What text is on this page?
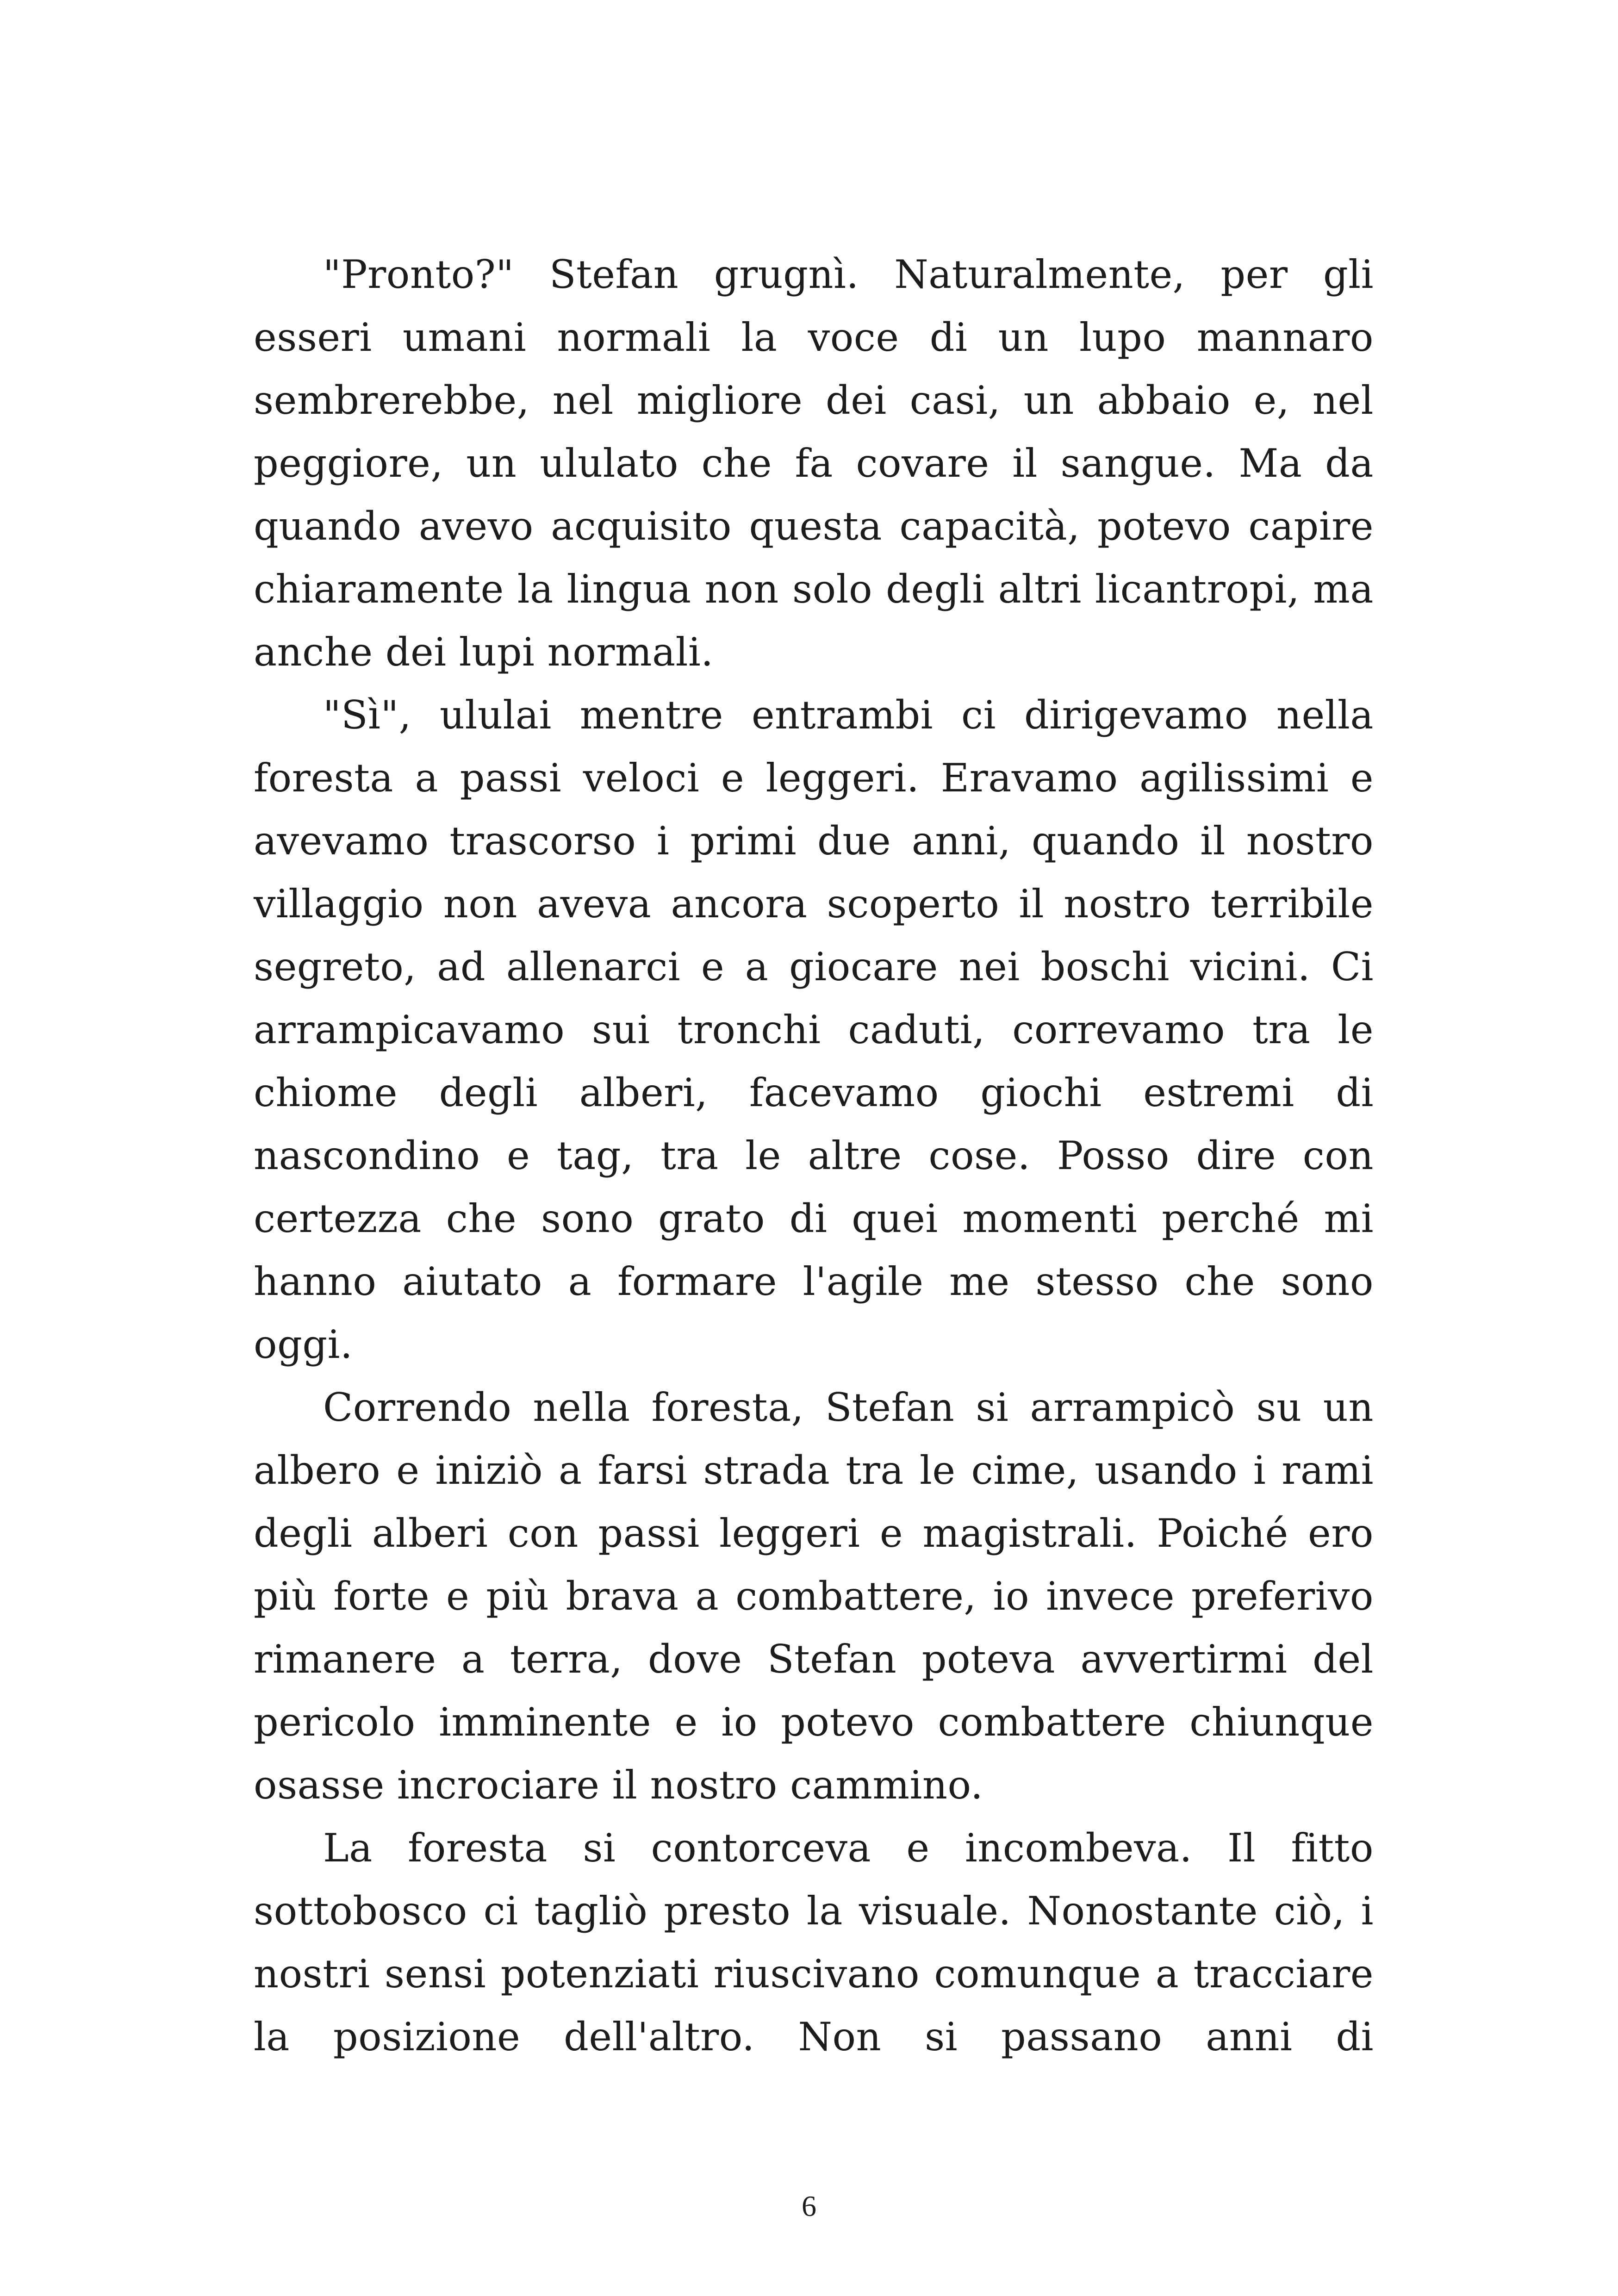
"Pronto?" Stefan grugnì. Naturalmente, per gli esseri umani normali la voce di un lupo mannaro sembrerebbe, nel migliore dei casi, un abbaio e, nel peggiore, un ululato che fa covare il sangue. Ma da quando avevo acquisito questa capacità, potevo capire chiaramente la lingua non solo degli altri licantropi, ma anche dei lupi normali.

"Sì", ululai mentre entrambi ci dirigevamo nella foresta a passi veloci e leggeri. Eravamo agilissimi e avevamo trascorso i primi due anni, quando il nostro villaggio non aveva ancora scoperto il nostro terribile segreto, ad allenarci e a giocare nei boschi vicini. Ci arrampicavamo sui tronchi caduti, correvamo tra le chiome degli alberi, facevamo giochi estremi di nascondino e tag, tra le altre cose. Posso dire con certezza che sono grato di quei momenti perché mi hanno aiutato a formare l'agile me stesso che sono oggi.

Correndo nella foresta, Stefan si arrampicò su un albero e iniziò a farsi strada tra le cime, usando i rami degli alberi con passi leggeri e magistrali. Poiché ero più forte e più brava a combattere, io invece preferivo rimanere a terra, dove Stefan poteva avvertirmi del pericolo imminente e io potevo combattere chiunque osasse incrociare il nostro cammino.

La foresta si contorceva e incombeva. Il fitto sottobosco ci tagliò presto la visuale. Nonostante ciò, i nostri sensi potenziati riuscivano comunque a tracciare la posizione dell'altro. Non si passano anni di

6
